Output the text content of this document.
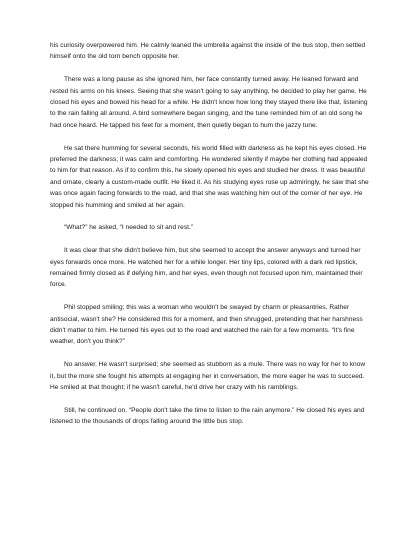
his curiosity overpowered him. He calmly leaned the umbrella against the inside of the bus stop, then settled himself onto the old torn bench opposite her.

There was a long pause as she ignored him, her face constantly turned away. He leaned forward and rested his arms on his knees. Seeing that she wasn't going to say anything, he decided to play her game. He closed his eyes and bowed his head for a while. He didn't know how long they stayed there like that, listening to the rain falling all around. A bird somewhere began singing, and the tune reminded him of an old song he had once heard. He tapped his feet for a moment, then quietly began to hum the jazzy tune.

He sat there humming for several seconds, his world filled with darkness as he kept his eyes closed. He preferred the darkness; it was calm and comforting. He wondered silently if maybe her clothing had appealed to him for that reason. As if to confirm this, he slowly opened his eyes and studied her dress. It was beautiful and ornate, clearly a custom-made outfit. He liked it. As his studying eyes rose up admiringly, he saw that she was once again facing forwards to the road, and that she was watching him out of the corner of her eye. He stopped his humming and smiled at her again.

“What?” he asked, “I needed to sit and rest.”

It was clear that she didn't believe him, but she seemed to accept the answer anyways and turned her eyes forwards once more. He watched her for a while longer. Her tiny lips, colored with a dark red lipstick, remained firmly closed as if defying him, and her eyes, even though not focused upon him, maintained their force.

Phil stopped smiling; this was a woman who wouldn't be swayed by charm or pleasantries. Rather antisocial, wasn't she? He considered this for a moment, and then shrugged, pretending that her harshness didn't matter to him. He turned his eyes out to the road and watched the rain for a few moments. “It's fine weather, don't you think?”

No answer. He wasn't surprised; she seemed as stubborn as a mule. There was no way for her to know it, but the more she fought his attempts at engaging her in conversation, the more eager he was to succeed. He smiled at that thought; if he wasn't careful, he'd drive her crazy with his ramblings.

Still, he continued on. “People don't take the time to listen to the rain anymore.” He closed his eyes and listened to the thousands of drops falling around the little bus stop.
